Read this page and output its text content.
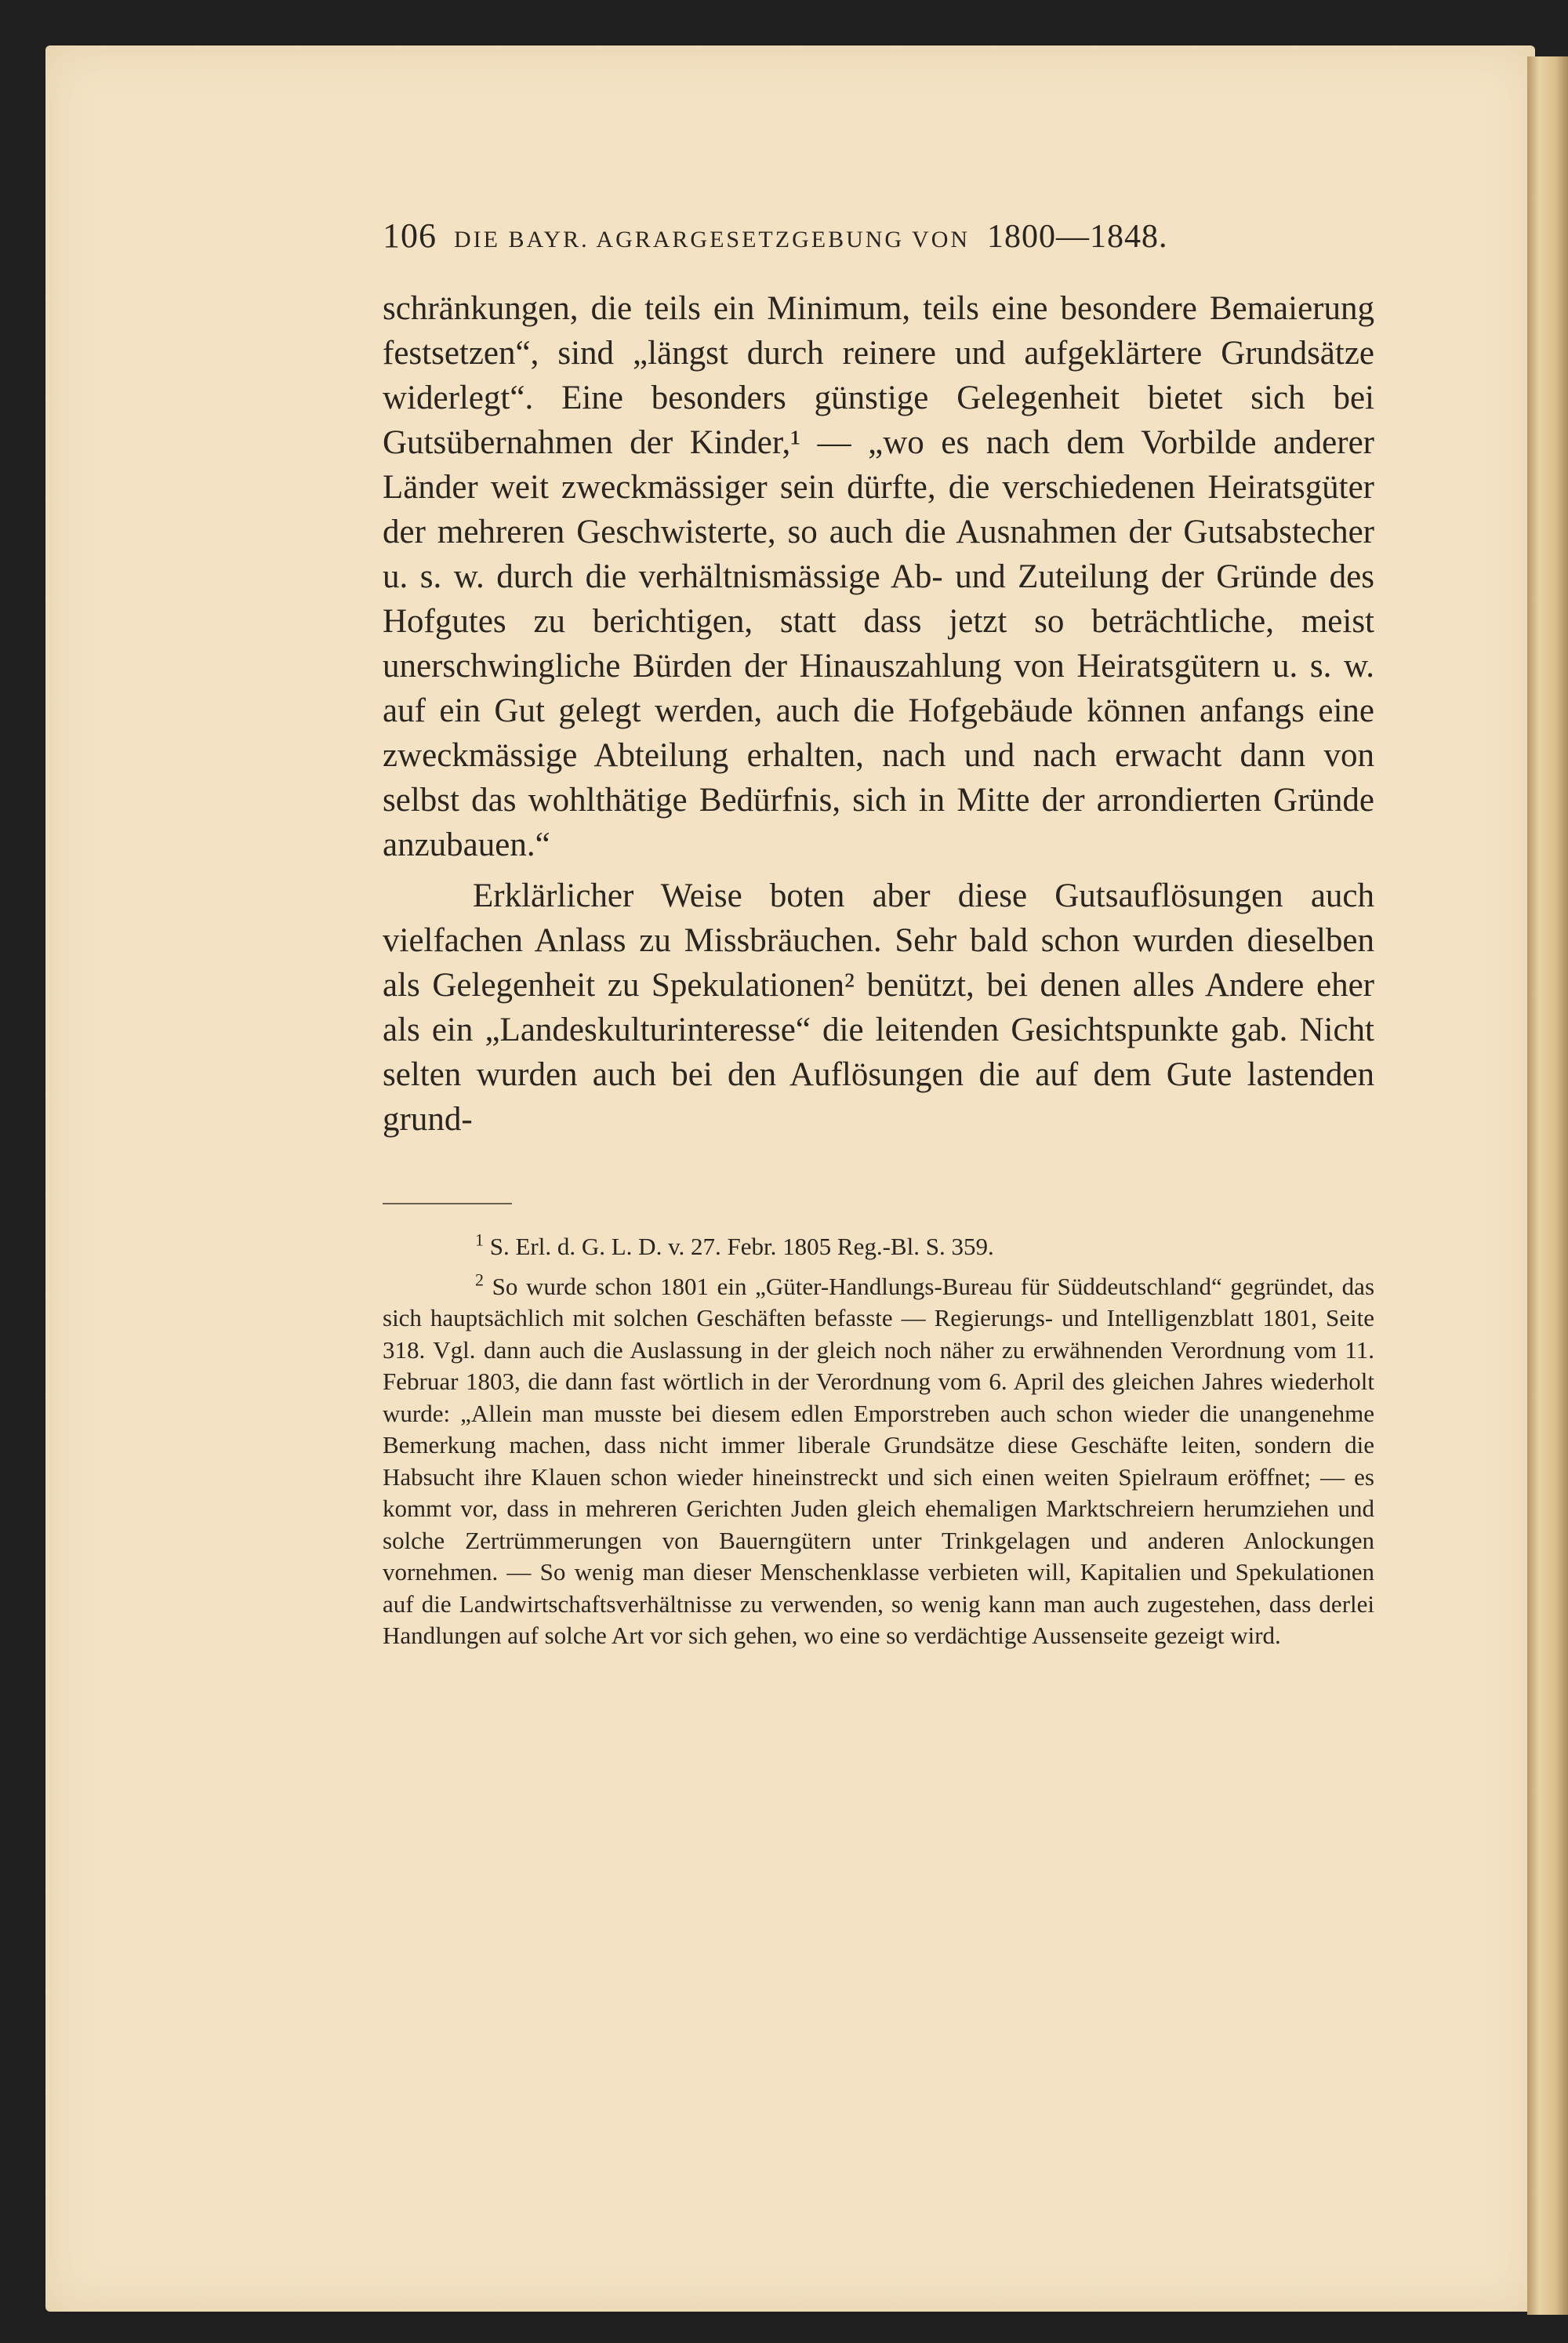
106 DIE BAYR. AGRARGESETZGEBUNG VON 1800—1848.

schränkungen, die teils ein Minimum, teils eine besondere Bemaierung festsetzen“, sind „längst durch reinere und aufgeklärtere Grundsätze widerlegt“. Eine besonders günstige Gelegenheit bietet sich bei Gutsübernahmen der Kinder,¹ — „wo es nach dem Vorbilde anderer Länder weit zweckmässiger sein dürfte, die verschiedenen Heiratsgüter der mehreren Geschwisterte, so auch die Ausnahmen der Gutsabstecher u. s. w. durch die verhältnismässige Ab- und Zuteilung der Gründe des Hofgutes zu berichtigen, statt dass jetzt so beträchtliche, meist unerschwingliche Bürden der Hinauszahlung von Heiratsgütern u. s. w. auf ein Gut gelegt werden, auch die Hofgebäude können anfangs eine zweckmässige Abteilung erhalten, nach und nach erwacht dann von selbst das wohlthätige Bedürfnis, sich in Mitte der arrondierten Gründe anzubauen.“

Erklärlicher Weise boten aber diese Gutsauflösungen auch vielfachen Anlass zu Missbräuchen. Sehr bald schon wurden dieselben als Gelegenheit zu Spekulationen² benützt, bei denen alles Andere eher als ein „Landeskulturinteresse“ die leitenden Gesichtspunkte gab. Nicht selten wurden auch bei den Auflösungen die auf dem Gute lastenden grund-

$^1$ S. Erl. d. G. L. D. v. 27. Febr. 1805 Reg.-Bl. S. 359.

$^2$ So wurde schon 1801 ein „Güter-Handlungs-Bureau für Süddeutschland“ gegründet, das sich hauptsächlich mit solchen Geschäften befasste — Regierungs- und Intelligenzblatt 1801, Seite 318. Vgl. dann auch die Auslassung in der gleich noch näher zu erwähnenden Verordnung vom 11. Februar 1803, die dann fast wörtlich in der Verordnung vom 6. April des gleichen Jahres wiederholt wurde: „Allein man musste bei diesem edlen Emporstreben auch schon wieder die unangenehme Bemerkung machen, dass nicht immer liberale Grundsätze diese Geschäfte leiten, sondern die Habsucht ihre Klauen schon wieder hineinstreckt und sich einen weiten Spielraum eröffnet; — es kommt vor, dass in mehreren Gerichten Juden gleich ehemaligen Marktschreiern herumziehen und solche Zertrümmerungen von Bauerngütern unter Trinkgelagen und anderen Anlockungen vornehmen. — So wenig man dieser Menschenklasse verbieten will, Kapitalien und Spekulationen auf die Landwirtschaftsverhältnisse zu verwenden, so wenig kann man auch zugestehen, dass derlei Handlungen auf solche Art vor sich gehen, wo eine so verdächtige Aussenseite gezeigt wird.
